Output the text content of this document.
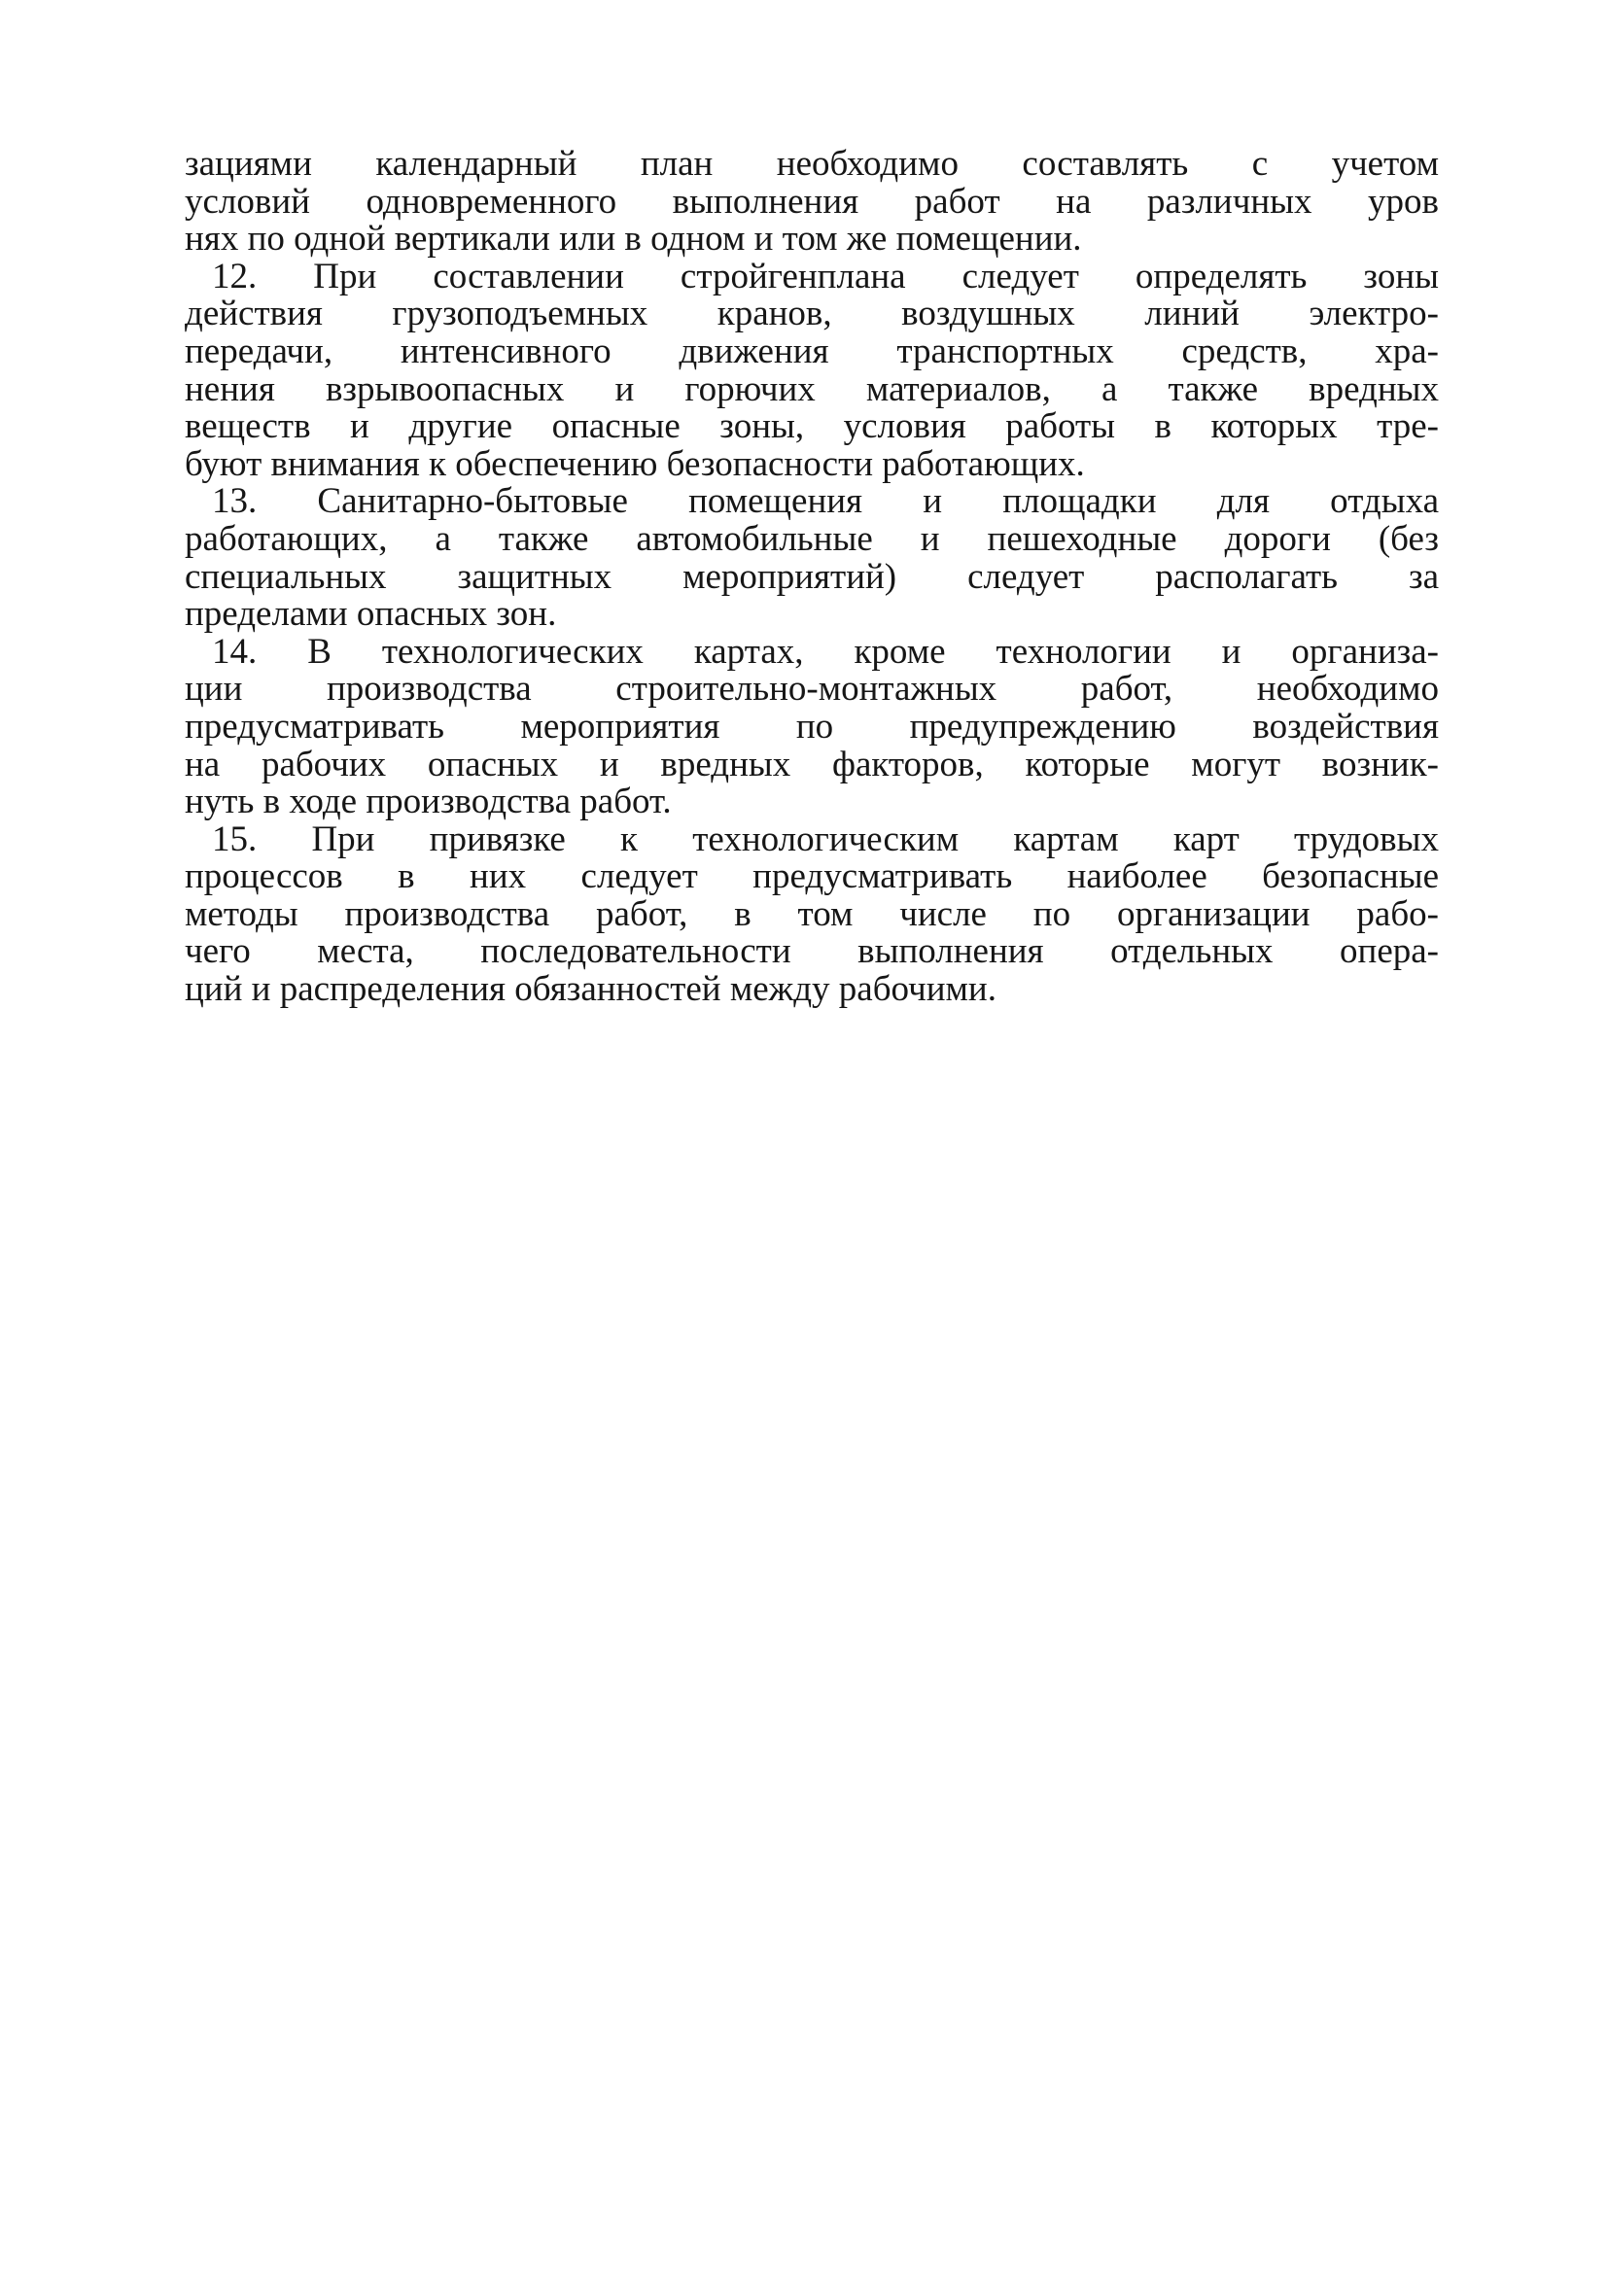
зациями календарный план необходимо составлять с учетом
условий одновременного выполнения работ на различных уров
нях по одной вертикали или в одном и том же помещении.
12. При составлении стройгенплана следует определять зоны
действия грузоподъемных кранов, воздушных линий электро-
передачи, интенсивного движения транспортных средств, хра-
нения взрывоопасных и горючих материалов, а также вредных
веществ и другие опасные зоны, условия работы в которых тре-
буют внимания к обеспечению безопасности работающих.
13. Санитарно-бытовые помещения и площадки для отдыха
работающих, а также автомобильные и пешеходные дороги (без
специальных защитных мероприятий) следует располагать за
пределами опасных зон.
14. В технологических картах, кроме технологии и организа-
ции производства строительно-монтажных работ, необходимо
предусматривать мероприятия по предупреждению воздействия
на рабочих опасных и вредных факторов, которые могут возник-
нуть в ходе производства работ.
15. При привязке к технологическим картам карт трудовых
процессов в них следует предусматривать наиболее безопасные
методы производства работ, в том числе по организации рабо-
чего места, последовательности выполнения отдельных опера-
ций и распределения обязанностей между рабочими.
